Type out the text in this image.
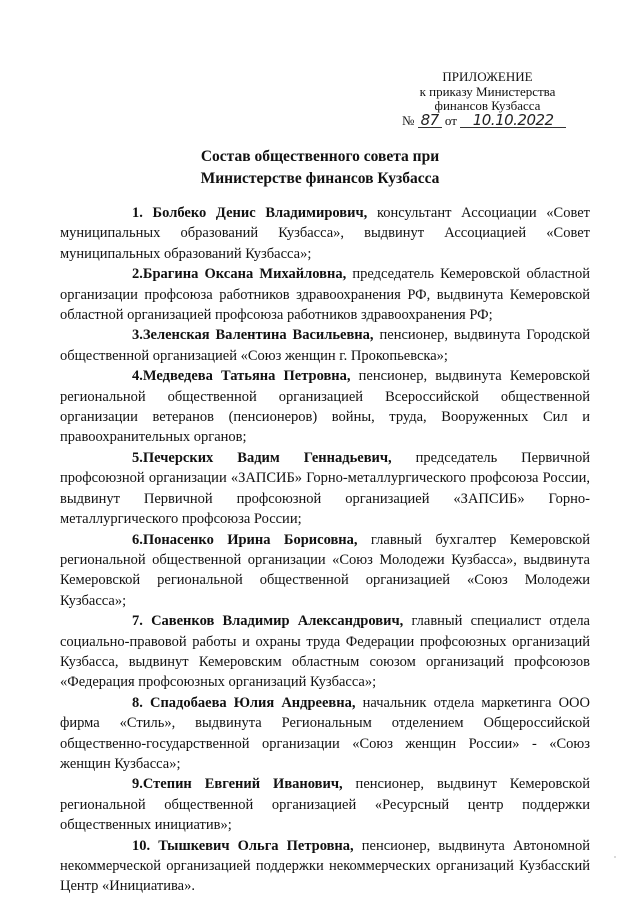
ПРИЛОЖЕНИЕ
к приказу Министерства
финансов Кузбасса
№ 87 от 10.10.2022
Состав общественного совета при
Министерстве финансов Кузбасса

1. Болбеко Денис Владимирович, консультант Ассоциации «Совет муниципальных образований Кузбасса», выдвинут Ассоциацией «Совет муниципальных образований Кузбасса»;

2.Брагина Оксана Михайловна, председатель Кемеровской областной организации профсоюза работников здравоохранения РФ, выдвинута Кемеровской областной организацией профсоюза работников здравоохранения РФ;

3.Зеленская Валентина Васильевна, пенсионер, выдвинута Городской общественной организацией «Союз женщин г. Прокопьевска»;

4.Медведева Татьяна Петровна, пенсионер, выдвинута Кемеровской региональной общественной организацией Всероссийской общественной организации ветеранов (пенсионеров) войны, труда, Вооруженных Сил и правоохранительных органов;

5.Печерских Вадим Геннадьевич, председатель Первичной профсоюзной организации «ЗАПСИБ» Горно-металлургического профсоюза России, выдвинут Первичной профсоюзной организацией «ЗАПСИБ» Горно-металлургического профсоюза России;

6.Понасенко Ирина Борисовна, главный бухгалтер Кемеровской региональной общественной организации «Союз Молодежи Кузбасса», выдвинута Кемеровской региональной общественной организацией «Союз Молодежи Кузбасса»;

7. Савенков Владимир Александрович, главный специалист отдела социально-правовой работы и охраны труда Федерации профсоюзных организаций Кузбасса, выдвинут Кемеровским областным союзом организаций профсоюзов «Федерация профсоюзных организаций Кузбасса»;

8. Спадобаева Юлия Андреевна, начальник отдела маркетинга ООО фирма «Стиль», выдвинута Региональным отделением Общероссийской общественно-государственной организации «Союз женщин России» - «Союз женщин Кузбасса»;

9.Степин Евгений Иванович, пенсионер, выдвинут Кемеровской региональной общественной организацией «Ресурсный центр поддержки общественных инициатив»;

10. Тышкевич Ольга Петровна, пенсионер, выдвинута Автономной некоммерческой организацией поддержки некоммерческих организаций Кузбасский Центр «Инициатива».
